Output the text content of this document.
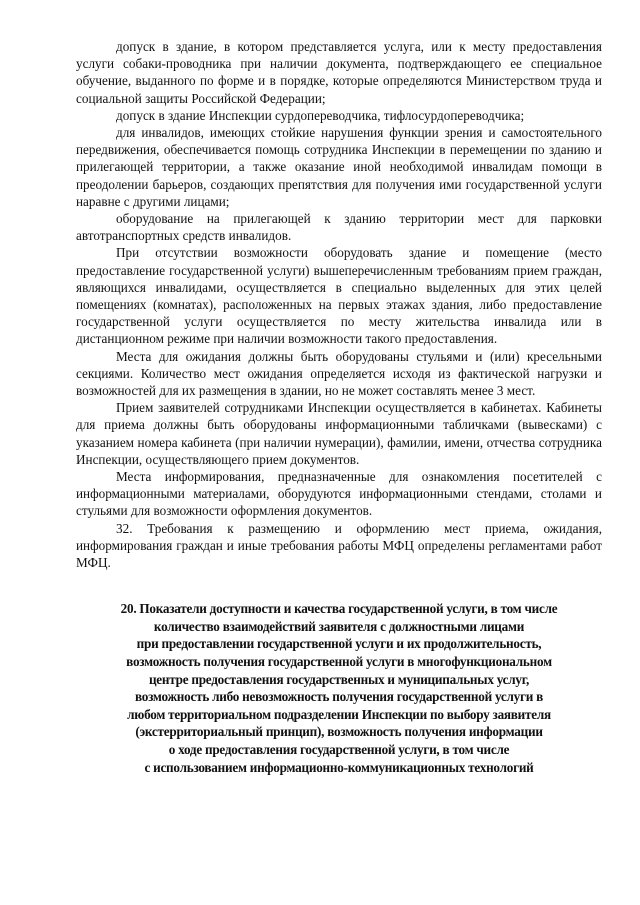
допуск в здание, в котором представляется услуга, или к месту предоставления услуги собаки-проводника при наличии документа, подтверждающего ее специальное обучение, выданного по форме и в порядке, которые определяются Министерством труда и социальной защиты Российской Федерации;

допуск в здание Инспекции сурдопереводчика, тифлосурдопереводчика;

для инвалидов, имеющих стойкие нарушения функции зрения и самостоятельного передвижения, обеспечивается помощь сотрудника Инспекции в перемещении по зданию и прилегающей территории, а также оказание иной необходимой инвалидам помощи в преодолении барьеров, создающих препятствия для получения ими государственной услуги наравне с другими лицами;

оборудование на прилегающей к зданию территории мест для парковки автотранспортных средств инвалидов.

При отсутствии возможности оборудовать здание и помещение (место предоставление государственной услуги) вышеперечисленным требованиям прием граждан, являющихся инвалидами, осуществляется в специально выделенных для этих целей помещениях (комнатах), расположенных на первых этажах здания, либо предоставление государственной услуги осуществляется по месту жительства инвалида или в дистанционном режиме при наличии возможности такого предоставления.

Места для ожидания должны быть оборудованы стульями и (или) кресельными секциями. Количество мест ожидания определяется исходя из фактической нагрузки и возможностей для их размещения в здании, но не может составлять менее 3 мест.

Прием заявителей сотрудниками Инспекции осуществляется в кабинетах. Кабинеты для приема должны быть оборудованы информационными табличками (вывесками) с указанием номера кабинета (при наличии нумерации), фамилии, имени, отчества сотрудника Инспекции, осуществляющего прием документов.

Места информирования, предназначенные для ознакомления посетителей с информационными материалами, оборудуются информационными стендами, столами и стульями для возможности оформления документов.

32. Требования к размещению и оформлению мест приема, ожидания, информирования граждан и иные требования работы МФЦ определены регламентами работ МФЦ.

20. Показатели доступности и качества государственной услуги, в том числе
количество взаимодействий заявителя с должностными лицами
при предоставлении государственной услуги и их продолжительность,
возможность получения государственной услуги в многофункциональном
центре предоставления государственных и муниципальных услуг,
возможность либо невозможность получения государственной услуги в
любом территориальном подразделении Инспекции по выбору заявителя
(экстерриториальный принцип), возможность получения информации
о ходе предоставления государственной услуги, в том числе
с использованием информационно-коммуникационных технологий
